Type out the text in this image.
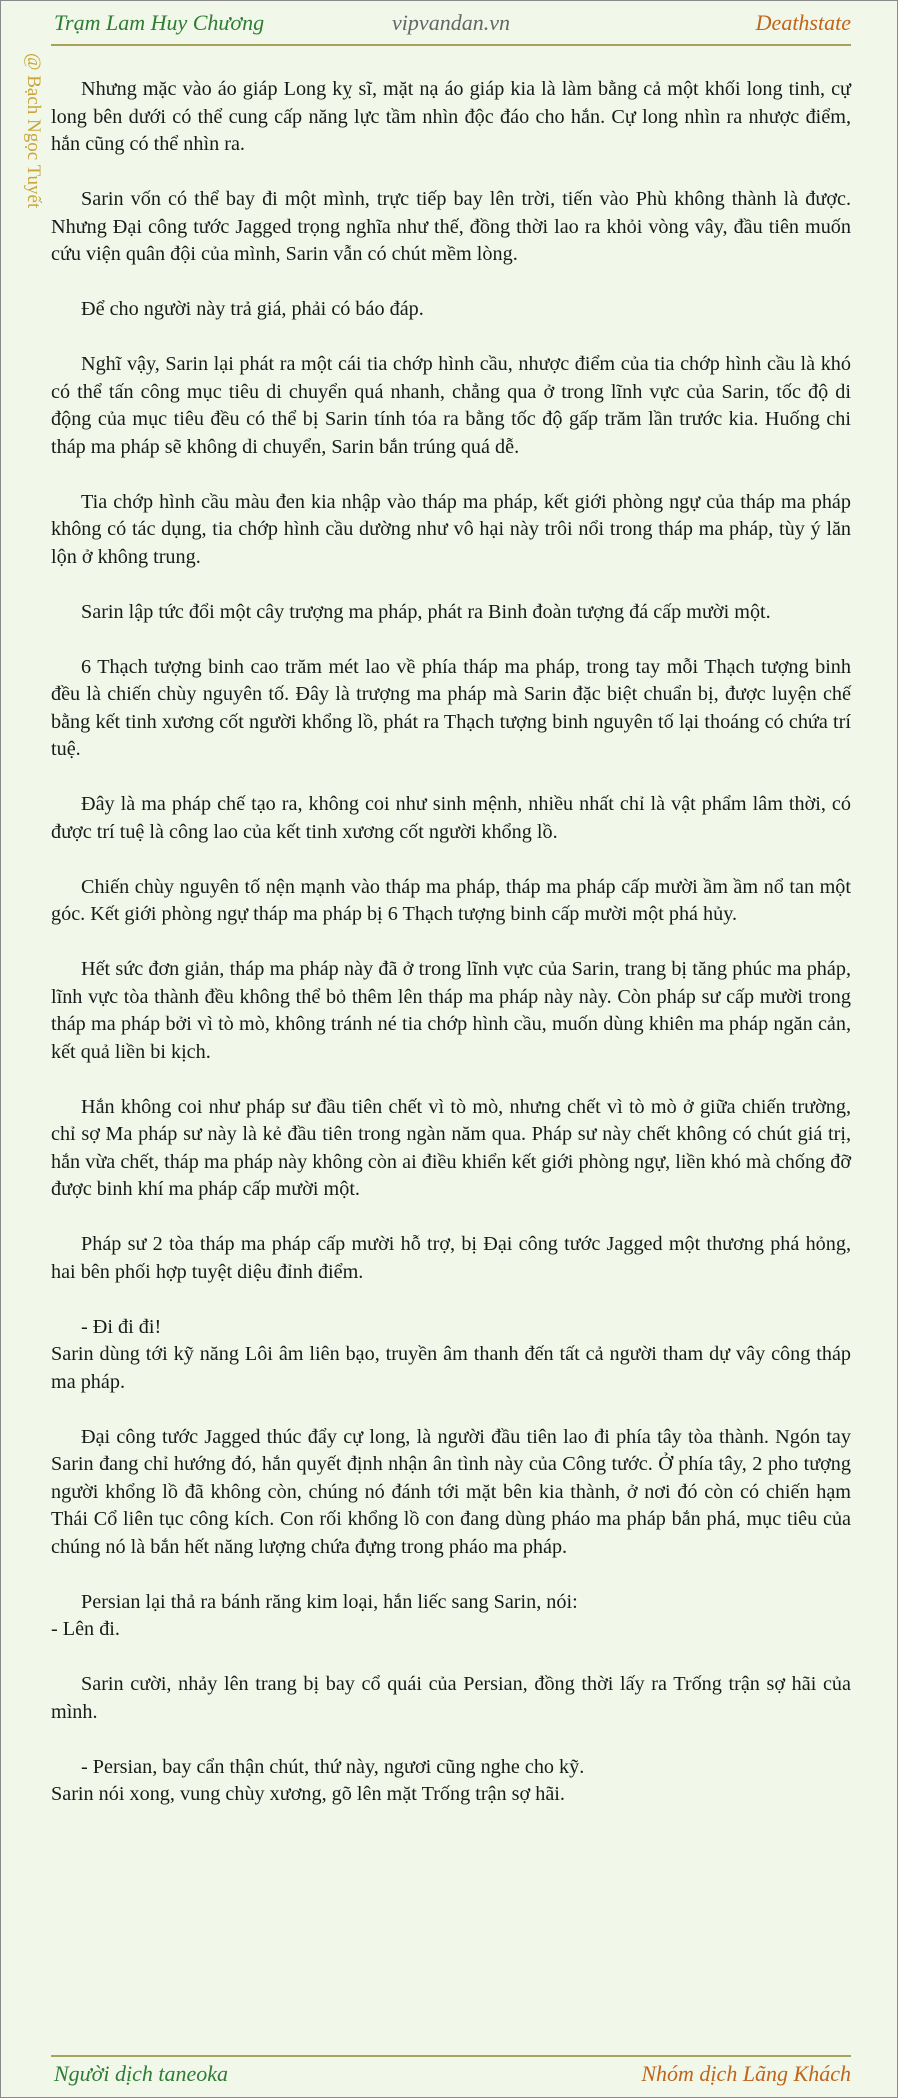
Trạm Lam Huy Chương	vipvandan.vn	Deathstate
@ Bạch Ngọc Tuyết	Nhưng mặc vào áo giáp Long kỵ sĩ, mặt nạ áo giáp kia là làm bằng cả một khối long tinh, cự long bên dưới có thể cung cấp năng lực tầm nhìn độc đáo cho hắn. Cự long nhìn ra nhược điểm, hắn cũng có thể nhìn ra.

Sarin vốn có thể bay đi một mình, trực tiếp bay lên trời, tiến vào Phù không thành là được. Nhưng Đại công tước Jagged trọng nghĩa như thế, đồng thời lao ra khỏi vòng vây, đầu tiên muốn cứu viện quân đội của mình, Sarin vẫn có chút mềm lòng.

Để cho người này trả giá, phải có báo đáp.

Nghĩ vậy, Sarin lại phát ra một cái tia chớp hình cầu, nhược điểm của tia chớp hình cầu là khó có thể tấn công mục tiêu di chuyển quá nhanh, chẳng qua ở trong lĩnh vực của Sarin, tốc độ di động của mục tiêu đều có thể bị Sarin tính tóa ra bằng tốc độ gấp trăm lần trước kia. Huống chi tháp ma pháp sẽ không di chuyển, Sarin bắn trúng quá dễ.

Tia chớp hình cầu màu đen kia nhập vào tháp ma pháp, kết giới phòng ngự của tháp ma pháp không có tác dụng, tia chớp hình cầu dường như vô hại này trôi nổi trong tháp ma pháp, tùy ý lăn lộn ở không trung.

Sarin lập tức đổi một cây trượng ma pháp, phát ra Binh đoàn tượng đá cấp mười một.

6 Thạch tượng binh cao trăm mét lao về phía tháp ma pháp, trong tay mỗi Thạch tượng binh đều là chiến chùy nguyên tố. Đây là trượng ma pháp mà Sarin đặc biệt chuẩn bị, được luyện chế bằng kết tinh xương cốt người khổng lồ, phát ra Thạch tượng binh nguyên tố lại thoáng có chứa trí tuệ.

Đây là ma pháp chế tạo ra, không coi như sinh mệnh, nhiều nhất chỉ là vật phẩm lâm thời, có được trí tuệ là công lao của kết tinh xương cốt người khổng lồ.

Chiến chùy nguyên tố nện mạnh vào tháp ma pháp, tháp ma pháp cấp mười ầm ầm nổ tan một góc. Kết giới phòng ngự tháp ma pháp bị 6 Thạch tượng binh cấp mười một phá hủy.

Hết sức đơn giản, tháp ma pháp này đã ở trong lĩnh vực của Sarin, trang bị tăng phúc ma pháp, lĩnh vực tòa thành đều không thể bỏ thêm lên tháp ma pháp này này. Còn pháp sư cấp mười trong tháp ma pháp bởi vì tò mò, không tránh né tia chớp hình cầu, muốn dùng khiên ma pháp ngăn cản, kết quả liền bi kịch.

Hắn không coi như pháp sư đầu tiên chết vì tò mò, nhưng chết vì tò mò ở giữa chiến trường, chỉ sợ Ma pháp sư này là kẻ đầu tiên trong ngàn năm qua. Pháp sư này chết không có chút giá trị, hắn vừa chết, tháp ma pháp này không còn ai điều khiển kết giới phòng ngự, liền khó mà chống đỡ được binh khí ma pháp cấp mười một.

Pháp sư 2 tòa tháp ma pháp cấp mười hỗ trợ, bị Đại công tước Jagged một thương phá hỏng, hai bên phối hợp tuyệt diệu đỉnh điểm.

- Đi đi đi!
Sarin dùng tới kỹ năng Lôi âm liên bạo, truyền âm thanh đến tất cả người tham dự vây công tháp ma pháp.

Đại công tước Jagged thúc đẩy cự long, là người đầu tiên lao đi phía tây tòa thành. Ngón tay Sarin đang chỉ hướng đó, hắn quyết định nhận ân tình này của Công tước. Ở phía tây, 2 pho tượng người khổng lồ đã không còn, chúng nó đánh tới mặt bên kia thành, ở nơi đó còn có chiến hạm Thái Cổ liên tục công kích. Con rối khổng lồ con đang dùng pháo ma pháp bắn phá, mục tiêu của chúng nó là bắn hết năng lượng chứa đựng trong pháo ma pháp.

Persian lại thả ra bánh răng kim loại, hắn liếc sang Sarin, nói:
- Lên đi.

Sarin cười, nhảy lên trang bị bay cổ quái của Persian, đồng thời lấy ra Trống trận sợ hãi của mình.

- Persian, bay cẩn thận chút, thứ này, ngươi cũng nghe cho kỹ.
Sarin nói xong, vung chùy xương, gõ lên mặt Trống trận sợ hãi.

Người dịch taneoka	Nhóm dịch Lãng Khách
